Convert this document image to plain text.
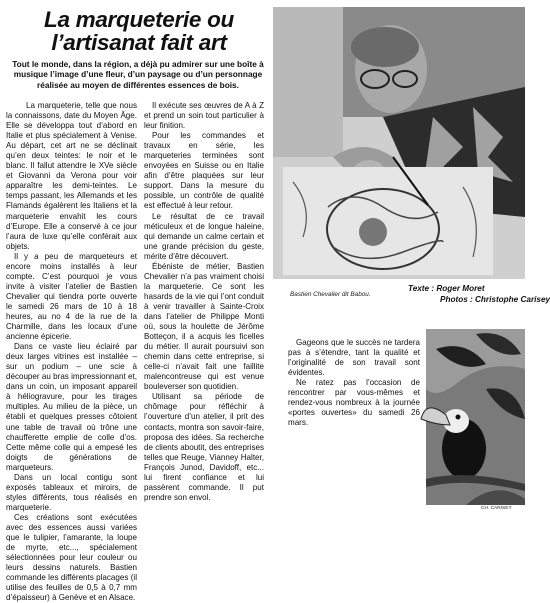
La marqueterie ou
l’artisanat fait art
Tout le monde, dans la région, a déjà pu admirer sur une boîte à musique l’image d’une fleur, d’un paysage ou d’un personnage réalisée au moyen de différentes essences de bois.

La marqueterie, telle que nous la connaissons, date du Moyen Âge. Elle se développa tout d’abord en Italie et plus spécialement à Venise. Au départ, cet art ne se déclinait qu’en deux teintes: le noir et le blanc. Il fallut attendre le XVe siècle et Giovanni da Verona pour voir apparaître les demi-teintes. Le temps passant, les Allemands et les Flamands égalèrent les Italiens et la marqueterie envahit les cours d’Europe. Elle a conservé à ce jour l’aura de luxe qu’elle conférait aux objets.

Il y a peu de marqueteurs et encore moins installés à leur compte. C’est pourquoi je vous invite à visiter l’atelier de Bastien Chevalier qui tiendra porte ouverte le samedi 26 mars de 10 à 18 heures, au no 4 de la rue de la Charmille, dans les locaux d’une ancienne épicerie.

Dans ce vaste lieu éclairé par deux larges vitrines est installée – sur un podium – une scie à découper au bras impressionnant et, dans un coin, un imposant appareil à héliogravure, pour les tirages multiples. Au milieu de la pièce, un établi et quelques presses côtoient une table de travail où trône une chaufferette emplie de colle d’os. Cette même colle qui a empesé les doigts de générations de marqueteurs.

Dans un local contigu sont exposés tableaux et miroirs, de styles différents, tous réalisés en marqueterie.

Ces créations sont exécutées avec des essences aussi variées que le tulipier, l’amarante, la loupe de myrte, etc..., spécialement sélectionnées pour leur couleur ou leurs dessins naturels. Bastien commande les différents placages (il utilise des feuilles de 0,5 à 0,7 mm d’épaisseur) à Genève et en Alsace.

Il exécute ses œuvres de A à Z et prend un soin tout particulier à leur finition.

Pour les commandes et travaux en série, les marqueteries terminées sont envoyées en Suisse ou en Italie afin d’être plaquées sur leur support. Dans la mesure du possible, un contrôle de qualité est effectué à leur retour.

Le résultat de ce travail méticuleux et de longue haleine, qui demande un calme certain et une grande précision du geste, mérite d’être découvert.

Ébéniste de métier, Bastien Chevalier n’a pas vraiment choisi la marqueterie. Ce sont les hasards de la vie qui l’ont conduit à venir travailler à Sainte-Croix dans l’atelier de Philippe Monti où, sous la houlette de Jérôme Botteçon, il a acquis les ficelles du métier. Il aurait poursuivi son chemin dans cette entreprise, si celle-ci n’avait fait une faillite malencontreuse qui est venue bouleverser son quotidien.

Utilisant sa période de chômage pour réfléchir à l’ouverture d’un atelier, il prit des contacts, montra son savoir-faire, proposa des idées. Sa recherche de clients aboutit, des entreprises telles que Reuge, Vianney Halter, François Junod, Davidoff, etc... lui firent confiance et lui passèrent commande. Il put prendre son envol.

Bastien Chevalier dit Babou.
Texte : Roger Moret
Photos : Christophe Carisey

Gageons que le succès ne tardera pas à s’étendre, tant la qualité et l’originalité de son travail sont évidentes.

Ne ratez pas l’occasion de rencontrer par vous-mêmes et rendez-vous nombreux à la journée «portes ouvertes» du samedi 26 mars.

CH. CARISEY
